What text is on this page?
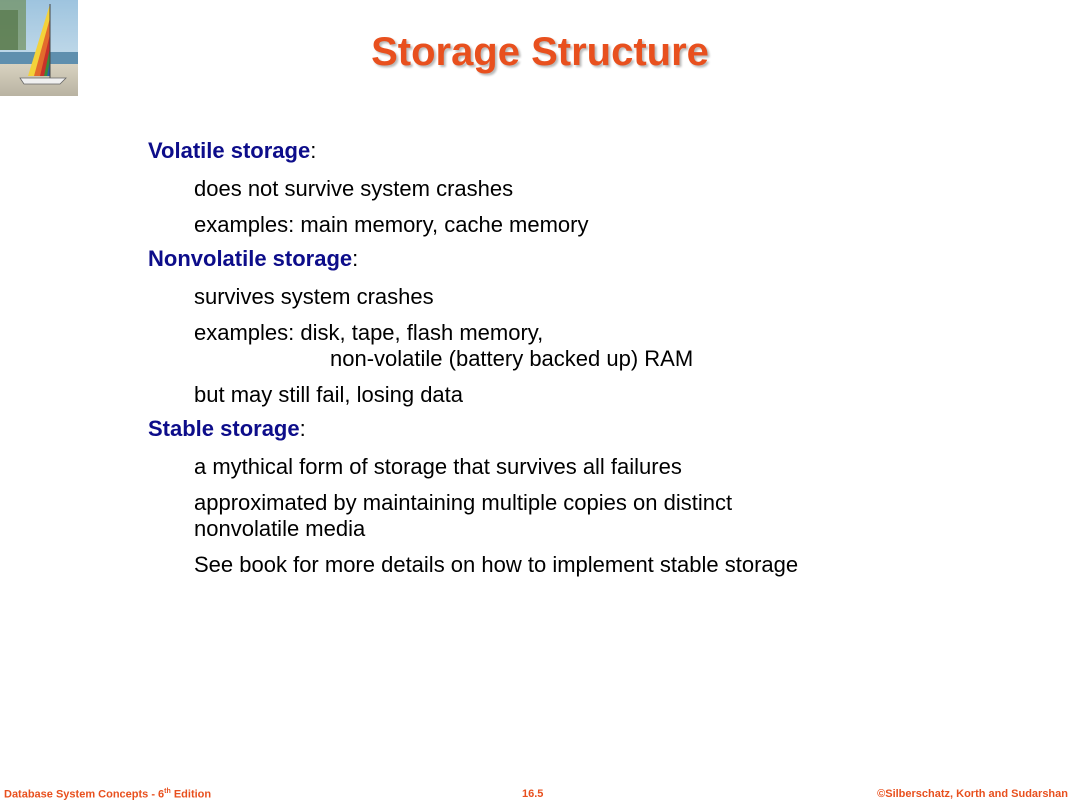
Storage Structure
Volatile storage:
does not survive system crashes
examples: main memory, cache memory
Nonvolatile storage:
survives system crashes
examples: disk, tape, flash memory,
non-volatile (battery backed up) RAM
but may still fail, losing data
Stable storage:
a mythical form of storage that survives all failures
approximated by maintaining multiple copies on distinct
nonvolatile media
See book for more details on how to implement stable storage
Database System Concepts - 6th Edition	16.5	©Silberschatz, Korth and Sudarshan
